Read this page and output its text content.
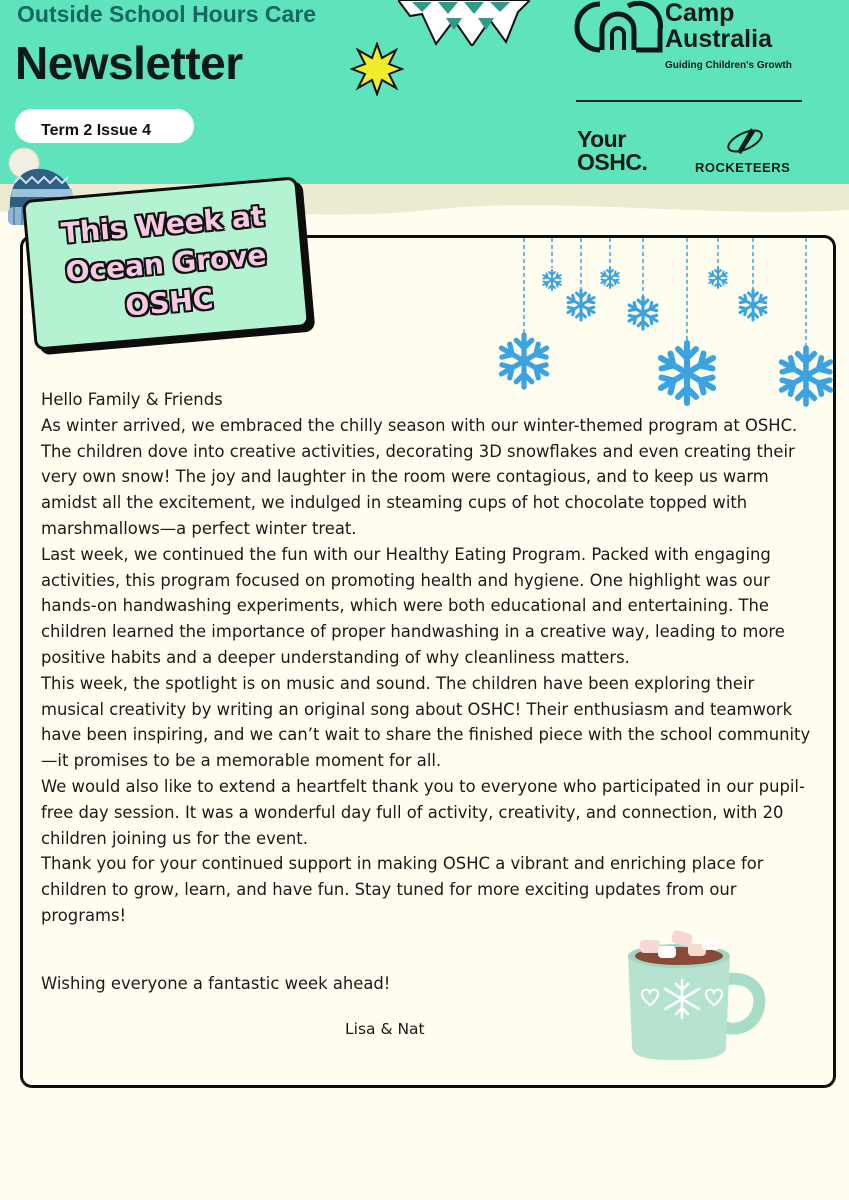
Outside School Hours Care
Newsletter
Term 2 Issue 4
Camp
Australia
Guiding Children's Growth
Your
OSHC.	ROCKETEERS
This Week at
Ocean Grove
OSHC

Hello Family & Friends

As winter arrived, we embraced the chilly season with our winter-themed program at OSHC. The children dove into creative activities, decorating 3D snowflakes and even creating their very own snow! The joy and laughter in the room were contagious, and to keep us warm amidst all the excitement, we indulged in steaming cups of hot chocolate topped with marshmallows—a perfect winter treat.

Last week, we continued the fun with our Healthy Eating Program. Packed with engaging activities, this program focused on promoting health and hygiene. One highlight was our hands-on handwashing experiments, which were both educational and entertaining. The children learned the importance of proper handwashing in a creative way, leading to more positive habits and a deeper understanding of why cleanliness matters.

This week, the spotlight is on music and sound. The children have been exploring their musical creativity by writing an original song about OSHC! Their enthusiasm and teamwork have been inspiring, and we can’t wait to share the finished piece with the school community—it promises to be a memorable moment for all.

We would also like to extend a heartfelt thank you to everyone who participated in our pupil-free day session. It was a wonderful day full of activity, creativity, and connection, with 20 children joining us for the event.

Thank you for your continued support in making OSHC a vibrant and enriching place for children to grow, learn, and have fun. Stay tuned for more exciting updates from our programs!

Wishing everyone a fantastic week ahead!

Lisa & Nat
